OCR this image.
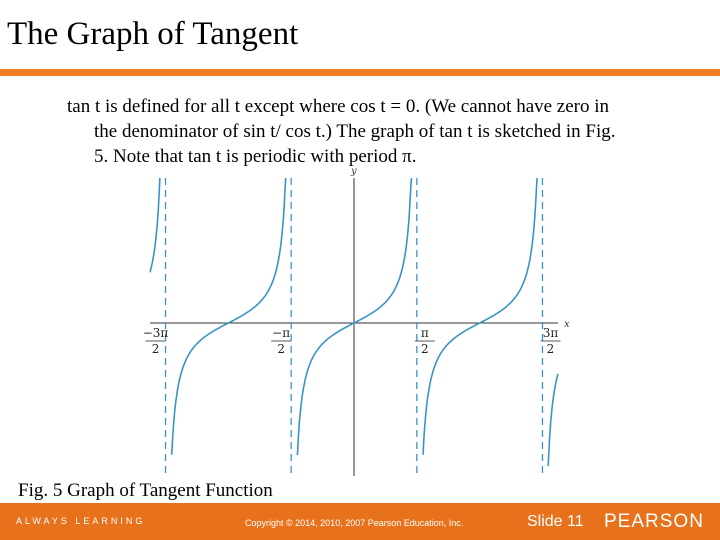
The Graph of Tangent
tan t is defined for all t except where cos t = 0. (We cannot have zero in
the denominator of sin t/ cos t.) The graph of tan t is sketched in Fig.
5. Note that tan t is periodic with period π.
x
y
−3π
2
−π
2
π
2
3π
2
Fig. 5 Graph of Tangent Function
ALWAYS LEARNING	Copyright © 2014, 2010, 2007 Pearson Education, Inc.	Slide 11 PEARSON
